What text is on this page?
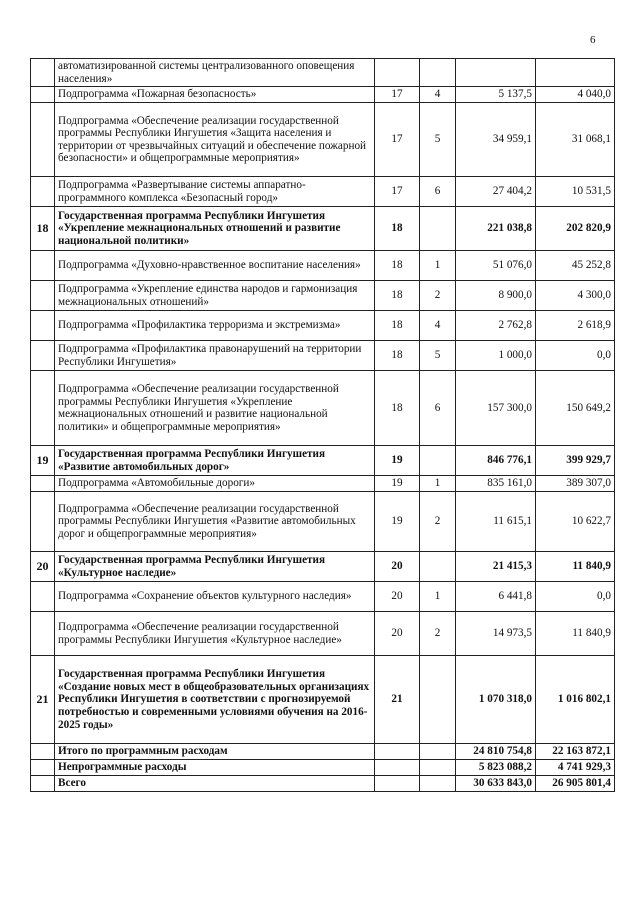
6
	автоматизированной системы централизованного оповещения населения»				
	Подпрограмма «Пожарная безопасность»	17	4	5 137,5	4 040,0
	Подпрограмма «Обеспечение реализации государственной программы Республики Ингушетия «Защита населения и территории от чрезвычайных ситуаций и обеспечение пожарной безопасности» и общепрограммные мероприятия»	17	5	34 959,1	31 068,1
	Подпрограмма «Развертывание системы аппаратно-программного комплекса «Безопасный город»	17	6	27 404,2	10 531,5
18	Государственная программа Республики Ингушетия «Укрепление межнациональных отношений и развитие национальной политики»	18		221 038,8	202 820,9
	Подпрограмма «Духовно-нравственное воспитание населения»	18	1	51 076,0	45 252,8
	Подпрограмма «Укрепление единства народов и гармонизация межнациональных отношений»	18	2	8 900,0	4 300,0
	Подпрограмма «Профилактика терроризма и экстремизма»	18	4	2 762,8	2 618,9
	Подпрограмма «Профилактика правонарушений на территории Республики Ингушетия»	18	5	1 000,0	0,0
	Подпрограмма «Обеспечение реализации государственной программы Республики Ингушетия «Укрепление межнациональных отношений и развитие национальной политики» и общепрограммные мероприятия»	18	6	157 300,0	150 649,2
19	Государственная программа Республики Ингушетия «Развитие автомобильных дорог»	19		846 776,1	399 929,7
	Подпрограмма «Автомобильные дороги»	19	1	835 161,0	389 307,0
	Подпрограмма «Обеспечение реализации государственной программы Республики Ингушетия «Развитие автомобильных дорог и общепрограммные мероприятия»	19	2	11 615,1	10 622,7
20	Государственная программа Республики Ингушетия «Культурное наследие»	20		21 415,3	11 840,9
	Подпрограмма «Сохранение объектов культурного наследия»	20	1	6 441,8	0,0
	Подпрограмма «Обеспечение реализации государственной программы Республики Ингушетия «Культурное наследие»	20	2	14 973,5	11 840,9
21	Государственная программа Республики Ингушетия «Создание новых мест в общеобразовательных организациях Республики Ингушетия в соответствии с прогнозируемой потребностью и современными условиями обучения на 2016-2025 годы»	21		1 070 318,0	1 016 802,1
	Итого по программным расходам			24 810 754,8	22 163 872,1
	Непрограммные расходы			5 823 088,2	4 741 929,3
	Всего			30 633 843,0	26 905 801,4
